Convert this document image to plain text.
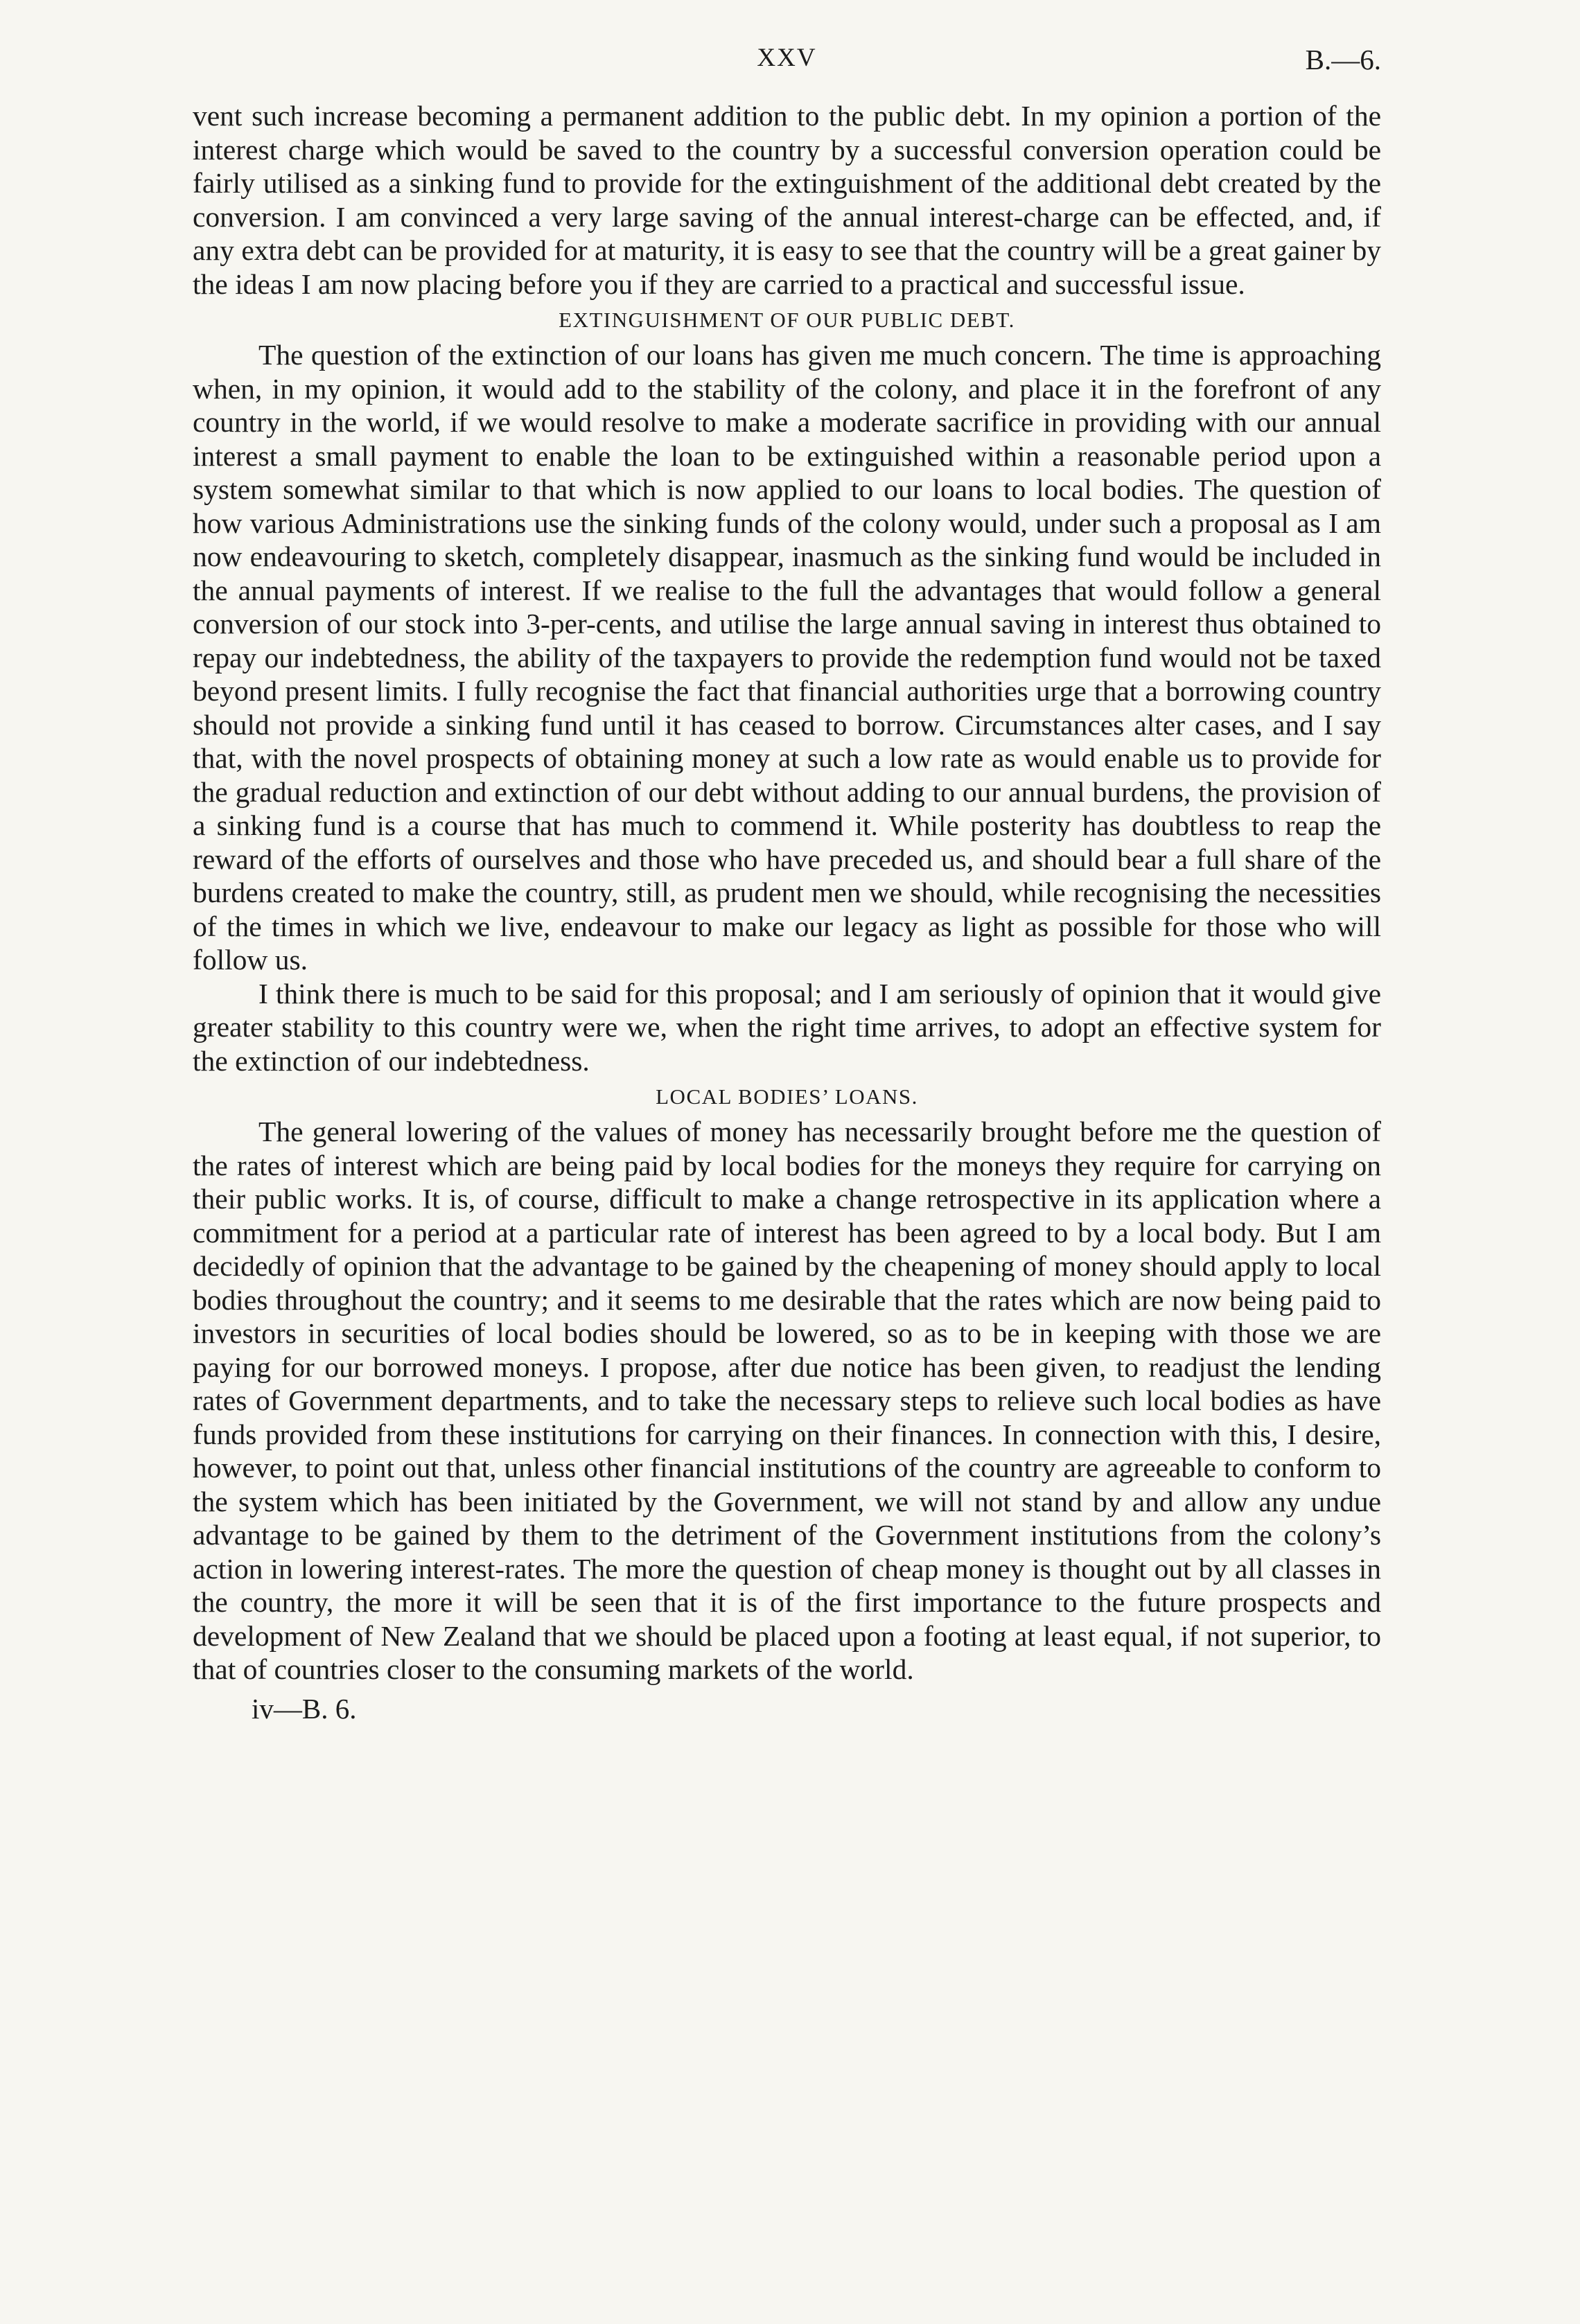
XXV	B.—6.

vent such increase becoming a permanent addition to the public debt. In my opinion a portion of the interest charge which would be saved to the country by a successful conversion operation could be fairly utilised as a sinking fund to provide for the extinguishment of the additional debt created by the conversion. I am convinced a very large saving of the annual interest-charge can be effected, and, if any extra debt can be provided for at maturity, it is easy to see that the country will be a great gainer by the ideas I am now placing before you if they are carried to a practical and successful issue.

EXTINGUISHMENT OF OUR PUBLIC DEBT.

The question of the extinction of our loans has given me much concern. The time is approaching when, in my opinion, it would add to the stability of the colony, and place it in the forefront of any country in the world, if we would resolve to make a moderate sacrifice in providing with our annual interest a small payment to enable the loan to be extinguished within a reasonable period upon a system somewhat similar to that which is now applied to our loans to local bodies. The question of how various Administrations use the sinking funds of the colony would, under such a proposal as I am now endeavouring to sketch, completely disappear, inasmuch as the sinking fund would be included in the annual payments of interest. If we realise to the full the advantages that would follow a general conversion of our stock into 3-per-cents, and utilise the large annual saving in interest thus obtained to repay our indebtedness, the ability of the taxpayers to provide the redemption fund would not be taxed beyond present limits. I fully recognise the fact that financial authorities urge that a borrowing country should not provide a sinking fund until it has ceased to borrow. Circumstances alter cases, and I say that, with the novel prospects of obtaining money at such a low rate as would enable us to provide for the gradual reduction and extinction of our debt without adding to our annual burdens, the provision of a sinking fund is a course that has much to commend it. While posterity has doubtless to reap the reward of the efforts of ourselves and those who have preceded us, and should bear a full share of the burdens created to make the country, still, as prudent men we should, while recognising the necessities of the times in which we live, endeavour to make our legacy as light as possible for those who will follow us.

I think there is much to be said for this proposal; and I am seriously of opinion that it would give greater stability to this country were we, when the right time arrives, to adopt an effective system for the extinction of our indebtedness.

LOCAL BODIES’ LOANS.

The general lowering of the values of money has necessarily brought before me the question of the rates of interest which are being paid by local bodies for the moneys they require for carrying on their public works. It is, of course, difficult to make a change retrospective in its application where a commitment for a period at a particular rate of interest has been agreed to by a local body. But I am decidedly of opinion that the advantage to be gained by the cheapening of money should apply to local bodies throughout the country; and it seems to me desirable that the rates which are now being paid to investors in securities of local bodies should be lowered, so as to be in keeping with those we are paying for our borrowed moneys. I propose, after due notice has been given, to readjust the lending rates of Government departments, and to take the necessary steps to relieve such local bodies as have funds provided from these institutions for carrying on their finances. In connection with this, I desire, however, to point out that, unless other financial institutions of the country are agreeable to conform to the system which has been initiated by the Government, we will not stand by and allow any undue advantage to be gained by them to the detriment of the Government institutions from the colony’s action in lowering interest-rates. The more the question of cheap money is thought out by all classes in the country, the more it will be seen that it is of the first importance to the future prospects and development of New Zealand that we should be placed upon a footing at least equal, if not superior, to that of countries closer to the consuming markets of the world.

iv—B. 6.
